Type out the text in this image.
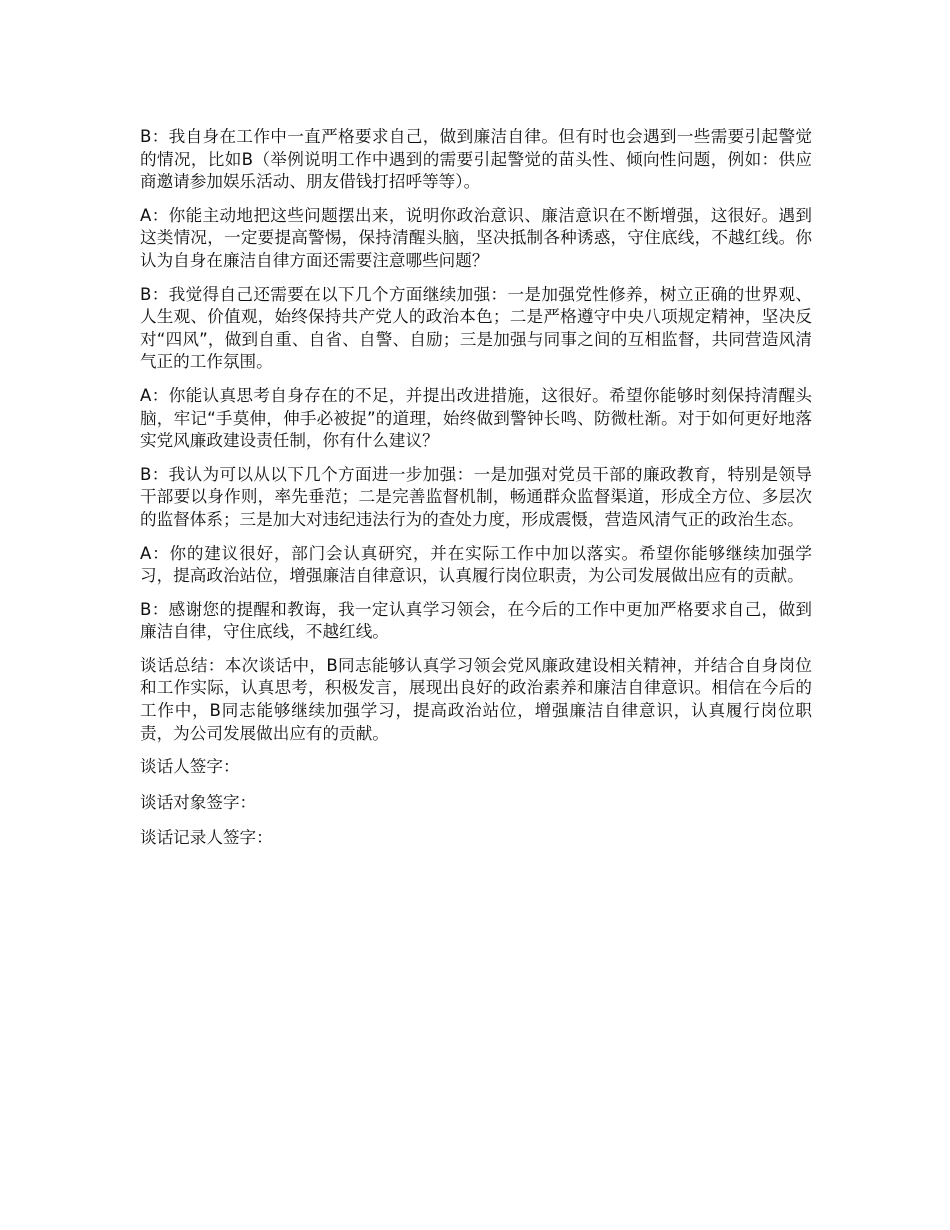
B：我自身在工作中一直严格要求自己，做到廉洁自律。但有时也会遇到一些需要引起警觉的情况，比如B（举例说明工作中遇到的需要引起警觉的苗头性、倾向性问题，例如：供应商邀请参加娱乐活动、朋友借钱打招呼等等）。

A：你能主动地把这些问题摆出来，说明你政治意识、廉洁意识在不断增强，这很好。遇到这类情况，一定要提高警惕，保持清醒头脑，坚决抵制各种诱惑，守住底线，不越红线。你认为自身在廉洁自律方面还需要注意哪些问题？

B：我觉得自己还需要在以下几个方面继续加强：一是加强党性修养，树立正确的世界观、人生观、价值观，始终保持共产党人的政治本色；二是严格遵守中央八项规定精神，坚决反对“四风”，做到自重、自省、自警、自励；三是加强与同事之间的互相监督，共同营造风清气正的工作氛围。

A：你能认真思考自身存在的不足，并提出改进措施，这很好。希望你能够时刻保持清醒头脑，牢记“手莫伸，伸手必被捉”的道理，始终做到警钟长鸣、防微杜渐。对于如何更好地落实党风廉政建设责任制，你有什么建议？

B：我认为可以从以下几个方面进一步加强：一是加强对党员干部的廉政教育，特别是领导干部要以身作则，率先垂范；二是完善监督机制，畅通群众监督渠道，形成全方位、多层次的监督体系；三是加大对违纪违法行为的查处力度，形成震慑，营造风清气正的政治生态。

A：你的建议很好，部门会认真研究，并在实际工作中加以落实。希望你能够继续加强学习，提高政治站位，增强廉洁自律意识，认真履行岗位职责，为公司发展做出应有的贡献。

B：感谢您的提醒和教诲，我一定认真学习领会，在今后的工作中更加严格要求自己，做到廉洁自律，守住底线，不越红线。

谈话总结：本次谈话中，B同志能够认真学习领会党风廉政建设相关精神，并结合自身岗位和工作实际，认真思考，积极发言，展现出良好的政治素养和廉洁自律意识。相信在今后的工作中，B同志能够继续加强学习，提高政治站位，增强廉洁自律意识，认真履行岗位职责，为公司发展做出应有的贡献。

谈话人签字：

谈话对象签字：

谈话记录人签字：
